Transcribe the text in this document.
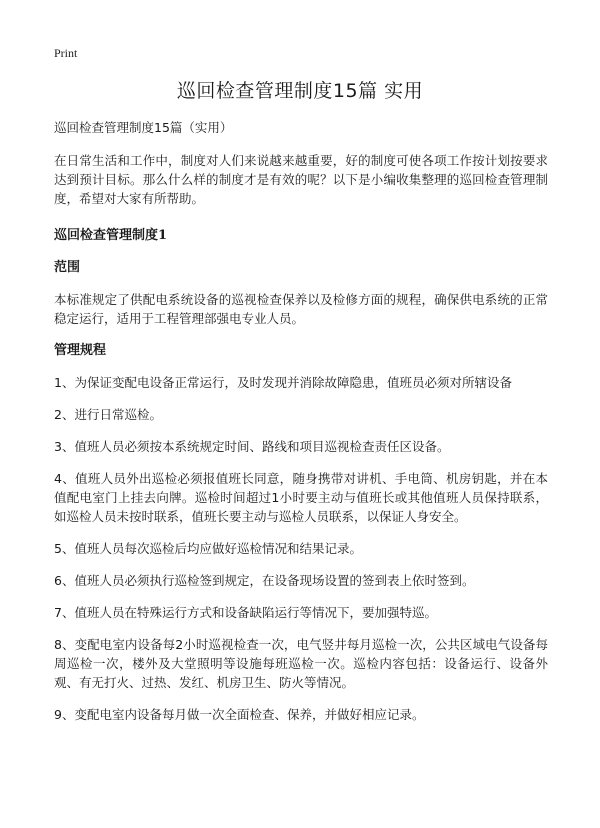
Print
巡回检查管理制度15篇 实用

巡回检查管理制度15篇（实用）

在日常生活和工作中，制度对人们来说越来越重要，好的制度可使各项工作按计划按要求达到预计目标。那么什么样的制度才是有效的呢？以下是小编收集整理的巡回检查管理制度，希望对大家有所帮助。

巡回检查管理制度1
范围

本标准规定了供配电系统设备的巡视检查保养以及检修方面的规程，确保供电系统的正常稳定运行，适用于工程管理部强电专业人员。

管理规程
1、为保证变配电设备正常运行，及时发现并消除故障隐患，值班员必须对所辖设备
2、进行日常巡检。
3、值班人员必须按本系统规定时间、路线和项目巡视检查责任区设备。
4、值班人员外出巡检必须报值班长同意，随身携带对讲机、手电筒、机房钥匙，并在本值配电室门上挂去向牌。巡检时间超过1小时要主动与值班长或其他值班人员保持联系，如巡检人员未按时联系，值班长要主动与巡检人员联系，以保证人身安全。
5、值班人员每次巡检后均应做好巡检情况和结果记录。
6、值班人员必须执行巡检签到规定，在设备现场设置的签到表上依时签到。
7、值班人员在特殊运行方式和设备缺陷运行等情况下，要加强特巡。
8、变配电室内设备每2小时巡视检查一次，电气竖井每月巡检一次，公共区域电气设备每周巡检一次，楼外及大堂照明等设施每班巡检一次。巡检内容包括：设备运行、设备外观、有无打火、过热、发红、机房卫生、防火等情况。
9、变配电室内设备每月做一次全面检查、保养，并做好相应记录。
